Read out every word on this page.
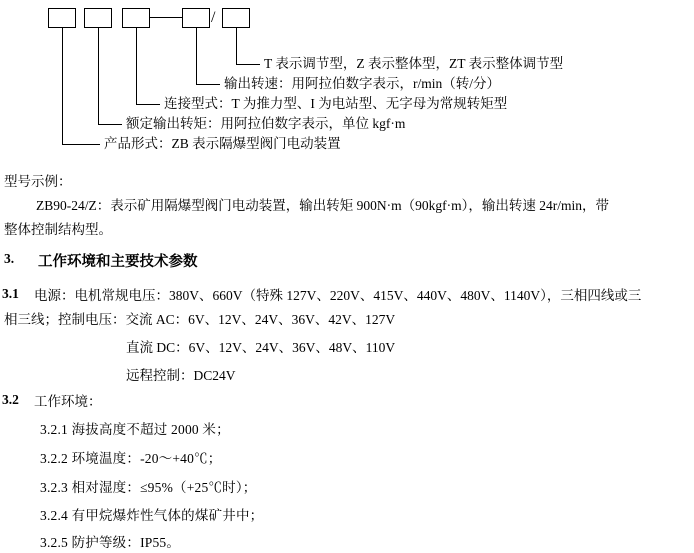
/
T 表示调节型，Z 表示整体型，ZT 表示整体调节型
输出转速：用阿拉伯数字表示，r/min（转/分）
连接型式：T 为推力型、I 为电站型、无字母为常规转矩型
额定输出转矩：用阿拉伯数字表示，单位 kgf·m
产品形式：ZB 表示隔爆型阀门电动装置
型号示例：
ZB90-24/Z：表示矿用隔爆型阀门电动装置，输出转矩 900N·m（90kgf·m），输出转速 24r/min，带
整体控制结构型。
3. 工作环境和主要技术参数
3.1 电源：电机常规电压：380V、660V（特殊 127V、220V、415V、440V、480V、1140V），三相四线或三
相三线；控制电压：交流 AC：6V、12V、24V、36V、42V、127V
直流 DC：6V、12V、24V、36V、48V、110V
远程控制：DC24V
3.2 工作环境：
3.2.1 海拔高度不超过 2000 米；
3.2.2 环境温度：-20～+40℃；
3.2.3 相对湿度：≤95%（+25℃时）；
3.2.4 有甲烷爆炸性气体的煤矿井中；
3.2.5 防护等级：IP55。
